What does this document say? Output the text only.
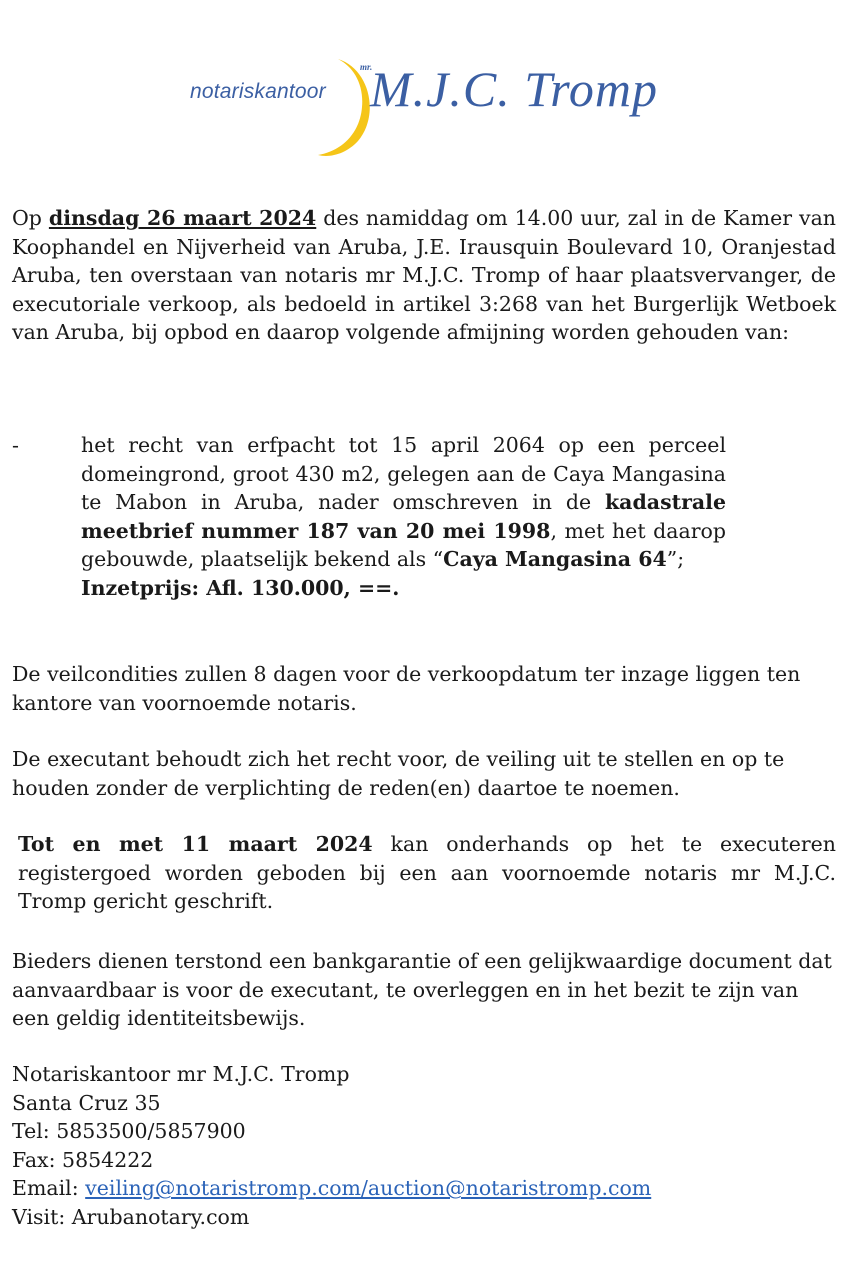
notariskantoor
mr.
M.J.C. Tromp
Op dinsdag 26 maart 2024 des namiddag om 14.00 uur, zal in de Kamer van Koophandel en Nijverheid van Aruba, J.E. Irausquin Boulevard 10, Oranjestad Aruba, ten overstaan van notaris mr M.J.C. Tromp of haar plaatsvervanger, de executoriale verkoop, als bedoeld in artikel 3:268 van het Burgerlijk Wetboek van Aruba, bij opbod en daarop volgende afmijning worden gehouden van:
-	het recht van erfpacht tot 15 april 2064 op een perceel domeingrond, groot 430 m2, gelegen aan de Caya Mangasina te Mabon in Aruba, nader omschreven in de kadastrale meetbrief nummer 187 van 20 mei 1998, met het daarop gebouwde, plaatselijk bekend als “Caya Mangasina 64”;
Inzetprijs: Afl. 130.000, ==.
De veilcondities zullen 8 dagen voor de verkoopdatum ter inzage liggen ten kantore van voornoemde notaris.
De executant behoudt zich het recht voor, de veiling uit te stellen en op te houden zonder de verplichting de reden(en) daartoe te noemen.
Tot en met 11 maart 2024 kan onderhands op het te executeren registergoed worden geboden bij een aan voornoemde notaris mr M.J.C. Tromp gericht geschrift.
Bieders dienen terstond een bankgarantie of een gelijkwaardige document dat aanvaardbaar is voor de executant, te overleggen en in het bezit te zijn van een geldig identiteitsbewijs.
Notariskantoor mr M.J.C. Tromp
Santa Cruz 35
Tel: 5853500/5857900
Fax: 5854222
Email: veiling@notaristromp.com/auction@notaristromp.com
Visit: Arubanotary.com
